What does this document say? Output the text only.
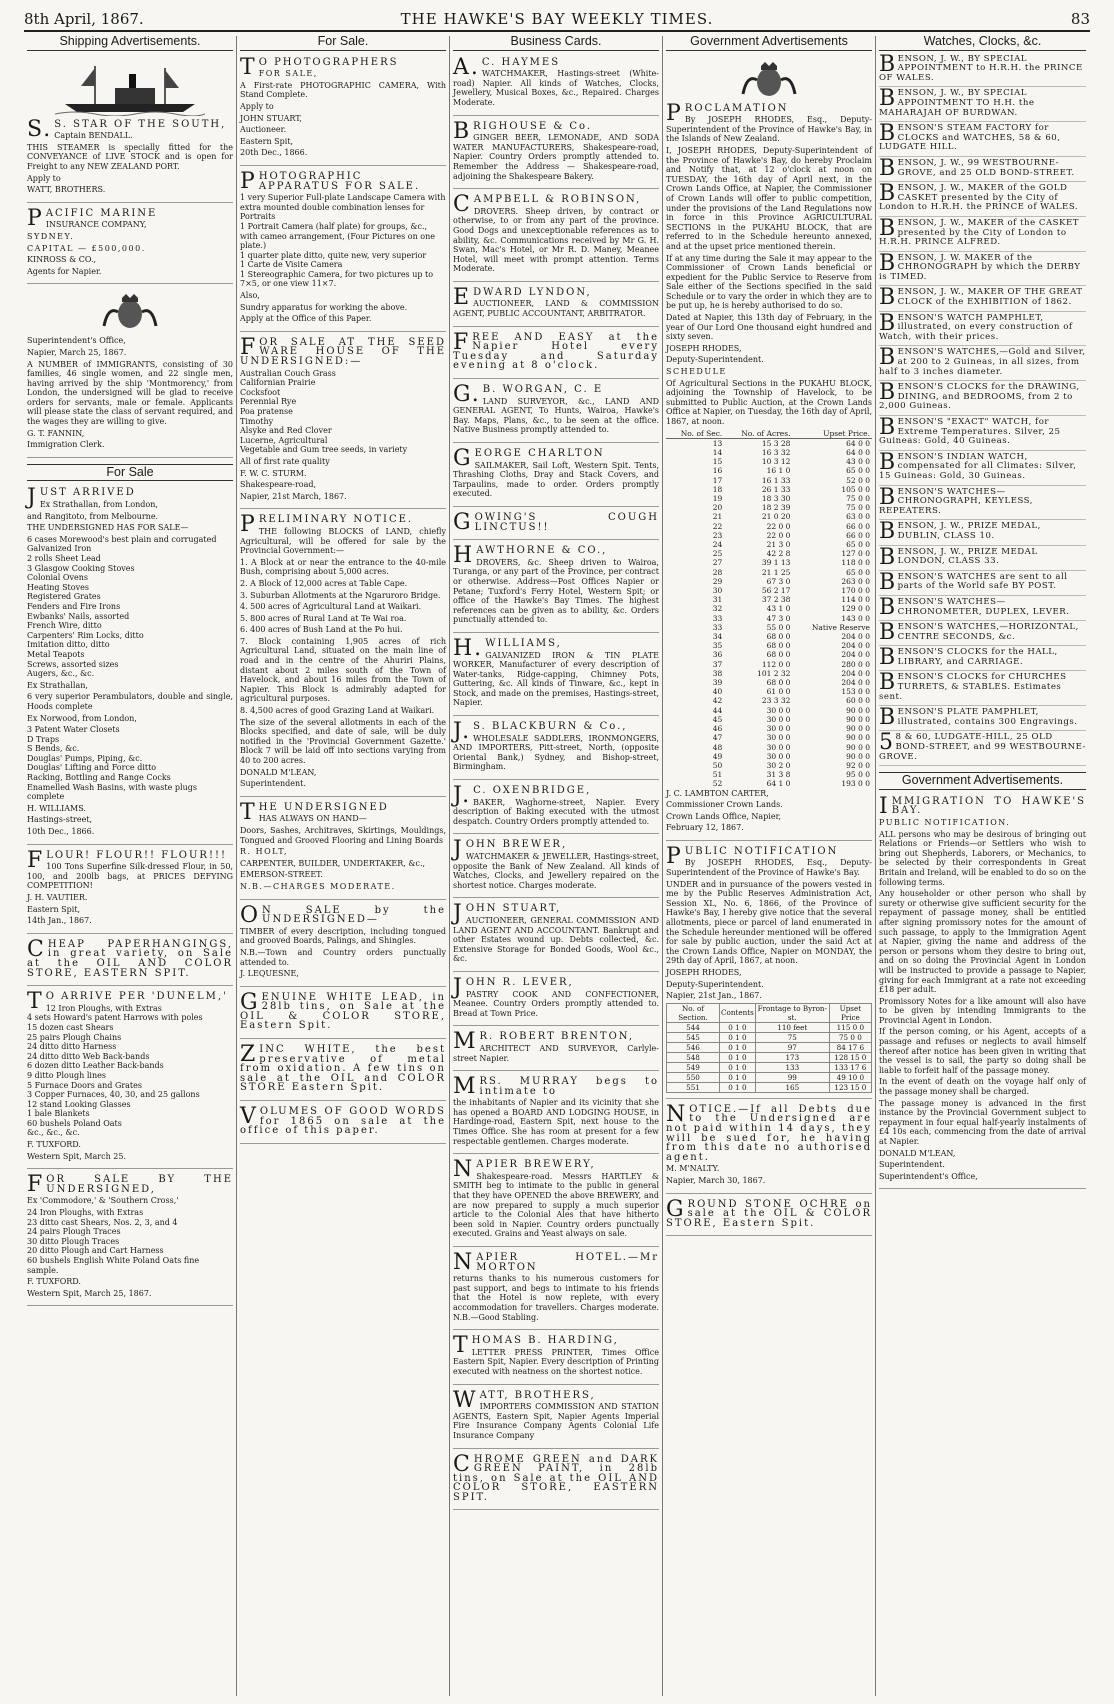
8th April, 1867.	THE HAWKE'S BAY WEEKLY TIMES.	83
Shipping Advertisements.

S.S. STAR OF THE SOUTH,

Captain BENDALL.

THIS STEAMER is specially fitted for the CONVEYANCE of LIVE STOCK and is open for Freight to any NEW ZEALAND PORT.

Apply to

WATT, BROTHERS.

PACIFIC MARINE

INSURANCE COMPANY,

SYDNEY.

CAPITAL — £500,000.

KINROSS & CO.,

Agents for Napier.

Superintendent's Office,

Napier, March 25, 1867.

A NUMBER of IMMIGRANTS, consisting of 30 families, 46 single women, and 22 single men, having arrived by the ship 'Montmorency,' from London, the undersigned will be glad to receive orders for servants, male or female. Applicants will please state the class of servant required, and the wages they are willing to give.

G. T. FANNIN,

Immigration Clerk.

For Sale

JUST ARRIVED

Ex Strathallan, from London,

and Rangitoto, from Melbourne.

THE UNDERSIGNED HAS FOR SALE—

6 cases Morewood's best plain and corrugated Galvanized Iron
2 rolls Sheet Lead
3 Glasgow Cooking Stoves
Colonial Ovens
Heating Stoves
Registered Grates
Fenders and Fire Irons
Ewbanks' Nails, assorted
French Wire, ditto
Carpenters' Rim Locks, ditto
Imitation ditto, ditto
Metal Teapots
Screws, assorted sizes
Augers, &c., &c.

Ex Strathallan,

6 very superior Perambulators, double and single, Hoods complete

Ex Norwood, from London,

3 Patent Water Closets
D Traps
S Bends, &c.
Douglas' Pumps, Piping, &c.
Douglas' Lifting and Force ditto
Racking, Bottling and Range Cocks
Enamelled Wash Basins, with waste plugs complete

H. WILLIAMS.

Hastings-street,

10th Dec., 1866.

FLOUR! FLOUR!! FLOUR!!!

100 Tons Superfine Silk-dressed Flour, in 50, 100, and 200lb bags, at PRICES DEFYING COMPETITION!

J. H. VAUTIER.

Eastern Spit,

14th Jan., 1867.

CHEAP PAPERHANGINGS, in great variety, on Sale at the OIL AND COLOR STORE, EASTERN SPIT.

TO ARRIVE PER 'DUNELM,'

12 Iron Ploughs, with Extras
4 sets Howard's patent Harrows with poles
15 dozen cast Shears
25 pairs Plough Chains
24 ditto ditto Harness
24 ditto ditto Web Back-bands
6 dozen ditto Leather Back-bands
9 ditto Plough lines
5 Furnace Doors and Grates
3 Copper Furnaces, 40, 30, and 25 gallons
12 stand Looking Glasses
1 bale Blankets
60 bushels Poland Oats
&c., &c., &c.

F. TUXFORD.

Western Spit, March 25.

FOR SALE BY THE UNDERSIGNED,

Ex 'Commodore,' & 'Southern Cross,'

24 Iron Ploughs, with Extras
23 ditto cast Shears, Nos. 2, 3, and 4
24 pairs Plough Traces
30 ditto Plough Traces
20 ditto Plough and Cart Harness
60 bushels English White Poland Oats fine sample.

F. TUXFORD.

Western Spit, March 25, 1867.

For Sale.

TO PHOTOGRAPHERS

FOR SALE,

A First-rate PHOTOGRAPHIC CAMERA, With Stand Complete.

Apply to

JOHN STUART,

Auctioneer.

Eastern Spit,

20th Dec., 1866.

PHOTOGRAPHIC APPARATUS FOR SALE.

1 very Superior Full-plate Landscape Camera with extra mounted double combination lenses for Portraits
1 Portrait Camera (half plate) for groups, &c., with cameo arrangement, (Four Pictures on one plate.)
1 quarter plate ditto, quite new, very superior
1 Carte de Visite Camera
1 Stereographic Camera, for two pictures up to 7×5, or one view 11×7.

Also,

Sundry apparatus for working the above.

Apply at the Office of this Paper.

FOR SALE AT THE SEED WARE HOUSE OF THE UNDERSIGNED:—

Australian Couch Grass
Californian Prairie
Cocksfoot
Perennial Rye
Poa pratense
Timothy
Alsyke and Red Clover
Lucerne, Agricultural
Vegetable and Gum tree seeds, in variety

All of first rate quality

F. W. C. STURM.

Shakespeare-road,

Napier, 21st March, 1867.

PRELIMINARY NOTICE.

THE following BLOCKS of LAND, chiefly Agricultural, will be offered for sale by the Provincial Government:—

1. A Block at or near the entrance to the 40-mile Bush, comprising about 5,000 acres.

2. A Block of 12,000 acres at Table Cape.

3. Suburban Allotments at the Ngaruroro Bridge.

4. 500 acres of Agricultural Land at Waikari.

5. 800 acres of Rural Land at Te Wai roa.

6. 400 acres of Bush Land at the Po hui.

7. Block containing 1,905 acres of rich Agricultural Land, situated on the main line of road and in the centre of the Ahuriri Plains, distant about 2 miles south of the Town of Havelock, and about 16 miles from the Town of Napier. This Block is admirably adapted for agricultural purposes.

8. 4,500 acres of good Grazing Land at Waikari.

The size of the several allotments in each of the Blocks specified, and date of sale, will be duly notified in the 'Provincial Government Gazette.' Block 7 will be laid off into sections varying from 40 to 200 acres.

DONALD M'LEAN,

Superintendent.

THE UNDERSIGNED

HAS ALWAYS ON HAND—

Doors, Sashes, Architraves, Skirtings, Mouldings, Tongued and Grooved Flooring and Lining Boards

R. HOLT,

CARPENTER, BUILDER, UNDERTAKER, &c.,

EMERSON-STREET.

N.B.—CHARGES MODERATE.

ON SALE by the UNDERSIGNED—

TIMBER of every description, including tongued and grooved Boards, Palings, and Shingles.

N.B.—Town and Country orders punctually attended to.

J. LEQUESNE,

GENUINE WHITE LEAD, in 28lb tins, on Sale at the OIL & COLOR STORE, Eastern Spit.

ZINC WHITE, the best preservative of metal from oxidation. A few tins on sale at the OIL and COLOR STORE Eastern Spit.

VOLUMES OF GOOD WORDS for 1865 on sale at the office of this paper.

Business Cards.

A.C. HAYMES

WATCHMAKER, Hastings-street (White-road) Napier. All kinds of Watches, Clocks, Jewellery, Musical Boxes, &c., Repaired. Charges Moderate.

BRIGHOUSE & Co.

GINGER BEER, LEMONADE, AND SODA WATER MANUFACTURERS, Shakespeare-road, Napier. Country Orders promptly attended to. Remember the Address — Shakespeare-road, adjoining the Shakespeare Bakery.

CAMPBELL & ROBINSON,

DROVERS. Sheep driven, by contract or otherwise, to or from any part of the province. Good Dogs and unexceptionable references as to ability, &c. Communications received by Mr G. H. Swan, Mac's Hotel, or Mr R. D. Maney, Meanee Hotel, will meet with prompt attention. Terms Moderate.

EDWARD LYNDON,

AUCTIONEER, LAND & COMMISSION AGENT, PUBLIC ACCOUNTANT, ARBITRATOR.

FREE AND EASY at the Napier Hotel every Tuesday and Saturday evening at 8 o'clock.

G.B. WORGAN, C. E

LAND SURVEYOR, &c., LAND AND GENERAL AGENT, To Hunts, Wairoa, Hawke's Bay. Maps, Plans, &c., to be seen at the office. Native Business promptly attended to.

GEORGE CHARLTON

SAILMAKER, Sail Loft, Western Spit. Tents, Thrashing Cloths, Dray and Stack Covers, and Tarpaulins, made to order. Orders promptly executed.

GOWING'S COUGH LINCTUS!!

HAWTHORNE & CO.,

DROVERS, &c. Sheep driven to Wairoa, Turanga, or any part of the Province, per contract or otherwise. Address—Post Offices Napier or Petane; Tuxford's Ferry Hotel, Western Spit; or office of the Hawke's Bay Times. The highest references can be given as to ability, &c. Orders punctually attended to.

H.WILLIAMS,

GALVANIZED IRON & TIN PLATE WORKER, Manufacturer of every description of Water-tanks, Ridge-capping, Chimney Pots, Guttering, &c. All kinds of Tinware, &c., kept in Stock, and made on the premises, Hastings-street, Napier.

J.S. BLACKBURN & Co.,

WHOLESALE SADDLERS, IRONMONGERS, AND IMPORTERS, Pitt-street, North, (opposite Oriental Bank,) Sydney, and Bishop-street, Birmingham.

J.C. OXENBRIDGE,

BAKER, Waghorne-street, Napier. Every description of Baking executed with the utmost despatch. Country Orders promptly attended to.

JOHN BREWER,

WATCHMAKER & JEWELLER, Hastings-street, opposite the Bank of New Zealand. All kinds of Watches, Clocks, and Jewellery repaired on the shortest notice. Charges moderate.

JOHN STUART,

AUCTIONEER, GENERAL COMMISSION AND LAND AGENT AND ACCOUNTANT. Bankrupt and other Estates wound up. Debts collected, &c. Extensive Storage for Bonded Goods, Wool &c., &c.

JOHN R. LEVER,

PASTRY COOK AND CONFECTIONER, Meanee. Country Orders promptly attended to. Bread at Town Price.

MR. ROBERT BRENTON,

ARCHITECT AND SURVEYOR, Carlyle-street Napier.

MRS. MURRAY begs to intimate to

the inhabitants of Napier and its vicinity that she has opened a BOARD AND LODGING HOUSE, in Hardinge-road, Eastern Spit, next house to the Times Office. She has room at present for a few respectable gentlemen. Charges moderate.

NAPIER BREWERY,

Shakespeare-road. Messrs HARTLEY & SMITH beg to intimate to the public in general that they have OPENED the above BREWERY, and are now prepared to supply a much superior article to the Colonial Ales that have hitherto been sold in Napier. Country orders punctually executed. Grains and Yeast always on sale.

NAPIER HOTEL.—Mr MORTON

returns thanks to his numerous customers for past support, and begs to intimate to his friends that the Hotel is now replete, with every accommodation for travellers. Charges moderate. N.B.—Good Stabling.

THOMAS B. HARDING,

LETTER PRESS PRINTER, Times Office Eastern Spit, Napier. Every description of Printing executed with neatness on the shortest notice.

WATT, BROTHERS,

IMPORTERS COMMISSION AND STATION AGENTS, Eastern Spit, Napier Agents Imperial Fire Insurance Company Agents Colonial Life Insurance Company

CHROME GREEN and DARK GREEN PAINT, in 28lb tins, on Sale at the OIL AND COLOR STORE, EASTERN SPIT.

Government Advertisements

PROCLAMATION

By JOSEPH RHODES, Esq., Deputy-Superintendent of the Province of Hawke's Bay, in the Islands of New Zealand.

I, JOSEPH RHODES, Deputy-Superintendent of the Province of Hawke's Bay, do hereby Proclaim and Notify that, at 12 o'clock at noon on TUESDAY, the 16th day of April next, in the Crown Lands Office, at Napier, the Commissioner of Crown Lands will offer to public competition, under the provisions of the Land Regulations now in force in this Province AGRICULTURAL SECTIONS in the PUKAHU BLOCK, that are referred to in the Schedule hereunto annexed, and at the upset price mentioned therein.

If at any time during the Sale it may appear to the Commissioner of Crown Lands beneficial or expedient for the Public Service to Reserve from Sale either of the Sections specified in the said Schedule or to vary the order in which they are to be put up, he is hereby authorised to do so.

Dated at Napier, this 13th day of February, in the year of Our Lord One thousand eight hundred and sixty seven.

JOSEPH RHODES,

Deputy-Superintendent.

SCHEDULE

Of Agricultural Sections in the PUKAHU BLOCK, adjoining the Township of Havelock, to be submitted to Public Auction, at the Crown Lands Office at Napier, on Tuesday, the 16th day of April, 1867, at noon.

No. of Sec.	No. of Acres.	Upset Price.
13	15 3 28	64 0 0
14	16 3 32	64 0 0
15	10 3 12	43 0 0
16	16 1 0	65 0 0
17	16 1 33	52 0 0
18	26 1 33	105 0 0
19	18 3 30	75 0 0
20	18 2 39	75 0 0
21	21 0 20	63 0 0
22	22 0 0	66 0 0
23	22 0 0	66 0 0
24	21 3 0	65 0 0
25	42 2 8	127 0 0
27	39 1 13	118 0 0
28	21 1 25	65 0 0
29	67 3 0	263 0 0
30	56 2 17	170 0 0
31	37 2 38	114 0 0
32	43 1 0	129 0 0
33	47 3 0	143 0 0
33	55 0 0	Native Reserve
34	68 0 0	204 0 0
35	68 0 0	204 0 0
36	68 0 0	204 0 0
37	112 0 0	280 0 0
38	101 2 32	204 0 0
39	68 0 0	204 0 0
40	61 0 0	153 0 0
42	23 3 32	60 0 0
44	30 0 0	90 0 0
45	30 0 0	90 0 0
46	30 0 0	90 0 0
47	30 0 0	90 0 0
48	30 0 0	90 0 0
49	30 0 0	90 0 0
50	30 2 0	92 0 0
51	31 3 8	95 0 0
52	64 1 0	193 0 0

J. C. LAMBTON CARTER,

Commissioner Crown Lands.

Crown Lands Office, Napier,

February 12, 1867.

PUBLIC NOTIFICATION

By JOSEPH RHODES, Esq., Deputy-Superintendent of the Province of Hawke's Bay.

UNDER and in pursuance of the powers vested in me by the Public Reserves Administration Act, Session XL, No. 6, 1866, of the Province of Hawke's Bay, I hereby give notice that the several allotments, piece or parcel of land enumerated in the Schedule hereunder mentioned will be offered for sale by public auction, under the said Act at the Crown Lands Office, Napier on MONDAY, the 29th day of April, 1867, at noon.

JOSEPH RHODES,

Deputy-Superintendent.

Napier, 21st Jan., 1867.

No. of Section.	Contents	Frontage to Byron-st.	Upset Price
544	0 1 0	110 feet	115 0 0
545	0 1 0	75	75 0 0
546	0 1 0	97	84 17 6
548	0 1 0	173	128 15 0
549	0 1 0	133	133 17 6
550	0 1 0	99	49 10 0
551	0 1 0	165	123 15 0

NOTICE.—If all Debts due to the Undersigned are not paid within 14 days, they will be sued for, he having from this date no authorised agent.

M. M'NALTY.

Napier, March 30, 1867.

GROUND STONE OCHRE on sale at the OIL & COLOR STORE, Eastern Spit.

Watches, Clocks, &c.

BENSON, J. W., BY SPECIAL APPOINTMENT to H.R.H. the PRINCE OF WALES.

BENSON, J. W., BY SPECIAL APPOINTMENT TO H.H. the MAHARAJAH OF BURDWAN.

BENSON'S STEAM FACTORY for CLOCKS and WATCHES, 58 & 60, LUDGATE HILL.

BENSON, J. W., 99 WESTBOURNE-GROVE, and 25 OLD BOND-STREET.

BENSON, J. W., MAKER of the GOLD CASKET presented by the City of London to H.R.H. the PRINCE of WALES.

BENSON, J. W., MAKER of the CASKET presented by the City of London to H.R.H. PRINCE ALFRED.

BENSON, J. W. MAKER of the CHRONOGRAPH by which the DERBY is TIMED.

BENSON, J. W., MAKER OF THE GREAT CLOCK of the EXHIBITION of 1862.

BENSON'S WATCH PAMPHLET, illustrated, on every construction of Watch, with their prices.

BENSON'S WATCHES,—Gold and Silver, at 200 to 2 Guineas, in all sizes, from half to 3 inches diameter.

BENSON'S CLOCKS for the DRAWING, DINING, and BEDROOMS, from 2 to 2,000 Guineas.

BENSON'S "EXACT" WATCH, for Extreme Temperatures. Silver, 25 Guineas: Gold, 40 Guineas.

BENSON'S INDIAN WATCH, compensated for all Climates: Silver, 15 Guineas: Gold, 30 Guineas.

BENSON'S WATCHES—CHRONOGRAPH, KEYLESS, REPEATERS.

BENSON, J. W., PRIZE MEDAL, DUBLIN, CLASS 10.

BENSON, J. W., PRIZE MEDAL LONDON, CLASS 33.

BENSON'S WATCHES are sent to all parts of the World safe BY POST.

BENSON'S WATCHES—CHRONOMETER, DUPLEX, LEVER.

BENSON'S WATCHES,—HORIZONTAL, CENTRE SECONDS, &c.

BENSON'S CLOCKS for the HALL, LIBRARY, and CARRIAGE.

BENSON'S CLOCKS for CHURCHES TURRETS, & STABLES. Estimates sent.

BENSON'S PLATE PAMPHLET, illustrated, contains 300 Engravings.

58 & 60, LUDGATE-HILL, 25 OLD BOND-STREET, and 99 WESTBOURNE-GROVE.

Government Advertisements.

IMMIGRATION TO HAWKE'S BAY.

PUBLIC NOTIFICATION.

ALL persons who may be desirous of bringing out Relations or Friends—or Settlers who wish to bring out Shepherds, Laborers, or Mechanics, to be selected by their correspondents in Great Britain and Ireland, will be enabled to do so on the following terms.

Any householder or other person who shall by surety or otherwise give sufficient security for the repayment of passage money, shall be entitled after signing promissory notes for the amount of such passage, to apply to the Immigration Agent at Napier, giving the name and address of the person or persons whom they desire to bring out, and on so doing the Provincial Agent in London will be instructed to provide a passage to Napier, giving for each Immigrant at a rate not exceeding £18 per adult.

Promissory Notes for a like amount will also have to be given by intending Immigrants to the Provincial Agent in London.

If the person coming, or his Agent, accepts of a passage and refuses or neglects to avail himself thereof after notice has been given in writing that the vessel is to sail, the party so doing shall be liable to forfeit half of the passage money.

In the event of death on the voyage half only of the passage money shall be charged.

The passage money is advanced in the first instance by the Provincial Government subject to repayment in four equal half-yearly instalments of £4 10s each, commencing from the date of arrival at Napier.

DONALD M'LEAN,

Superintendent.

Superintendent's Office,
